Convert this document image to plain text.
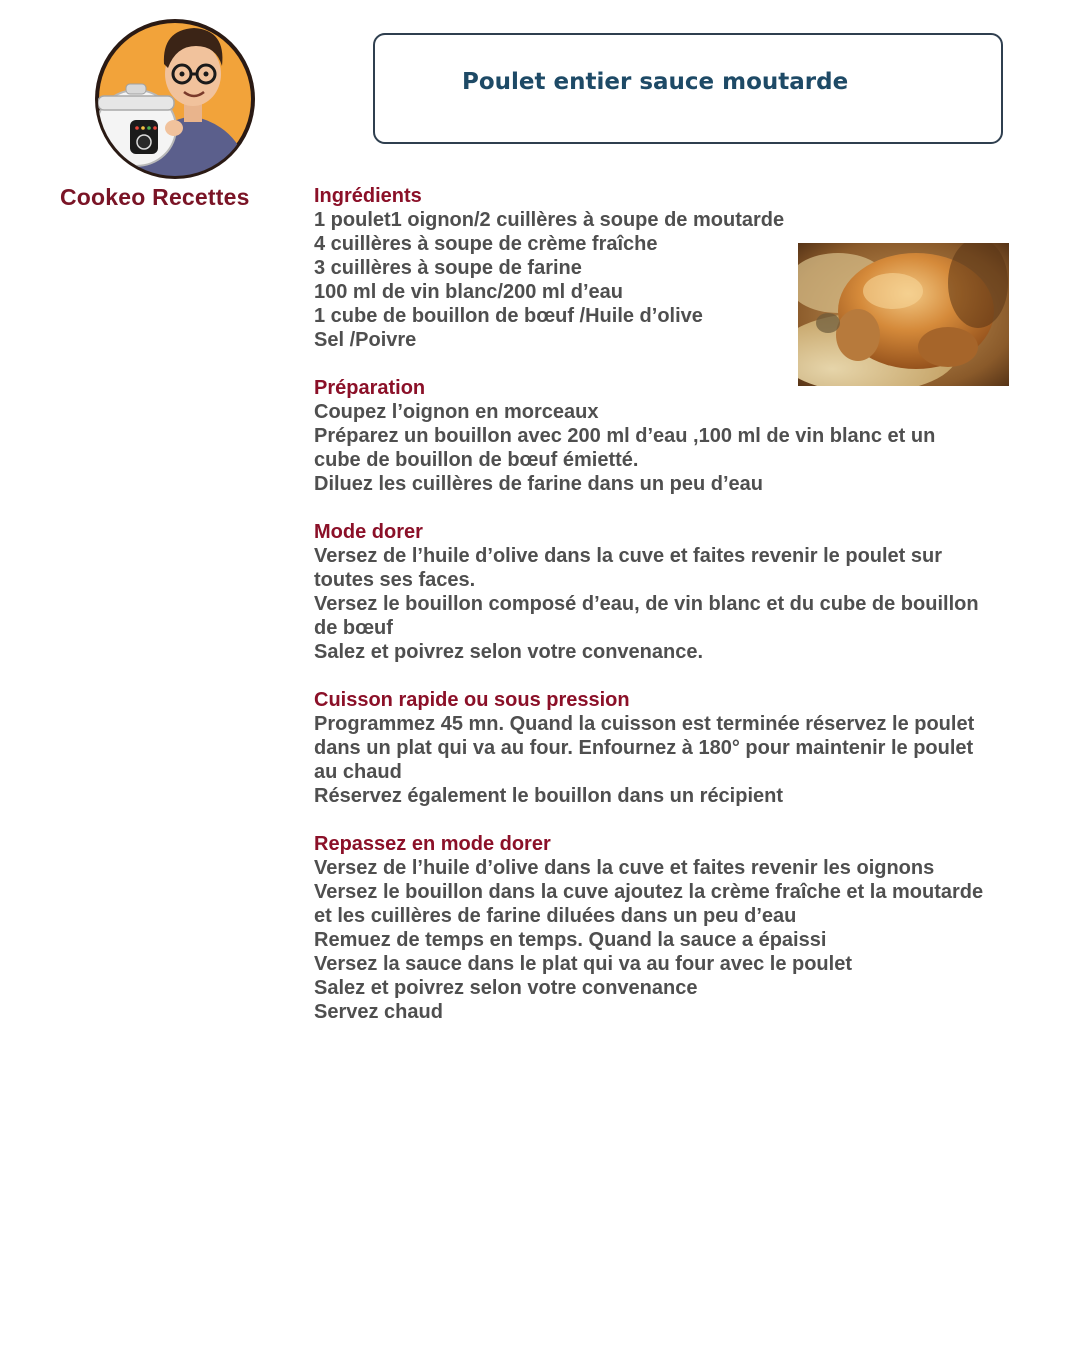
Cookeo Recettes
Poulet entier sauce moutarde

Ingrédients

1 poulet1 oignon/2 cuillères à soupe de moutarde

4 cuillères à soupe de crème fraîche

3 cuillères à soupe de farine

100 ml de vin blanc/200 ml d’eau

1 cube de bouillon de bœuf /Huile d’olive

Sel /Poivre

Préparation

Coupez l’oignon en morceaux

Préparez un bouillon avec 200 ml d’eau ,100 ml de vin blanc et un

cube de bouillon de bœuf émietté.

Diluez les cuillères de farine dans un peu d’eau

Mode dorer

Versez de l’huile d’olive dans la cuve et faites revenir le poulet sur

toutes ses faces.

Versez le bouillon composé d’eau, de vin blanc et du cube de bouillon

de bœuf

Salez et poivrez selon votre convenance.

Cuisson rapide ou sous pression

Programmez 45 mn. Quand la cuisson est terminée réservez le poulet

dans un plat qui va au four. Enfournez à 180° pour maintenir le poulet

au chaud

Réservez également le bouillon dans un récipient

Repassez en mode dorer

Versez de l’huile d’olive dans la cuve et faites revenir les oignons

Versez le bouillon dans la cuve ajoutez la crème fraîche et la moutarde

et les cuillères de farine diluées dans un peu d’eau

Remuez de temps en temps. Quand la sauce a épaissi

Versez la sauce dans le plat qui va au four avec le poulet

Salez et poivrez selon votre convenance

Servez chaud
